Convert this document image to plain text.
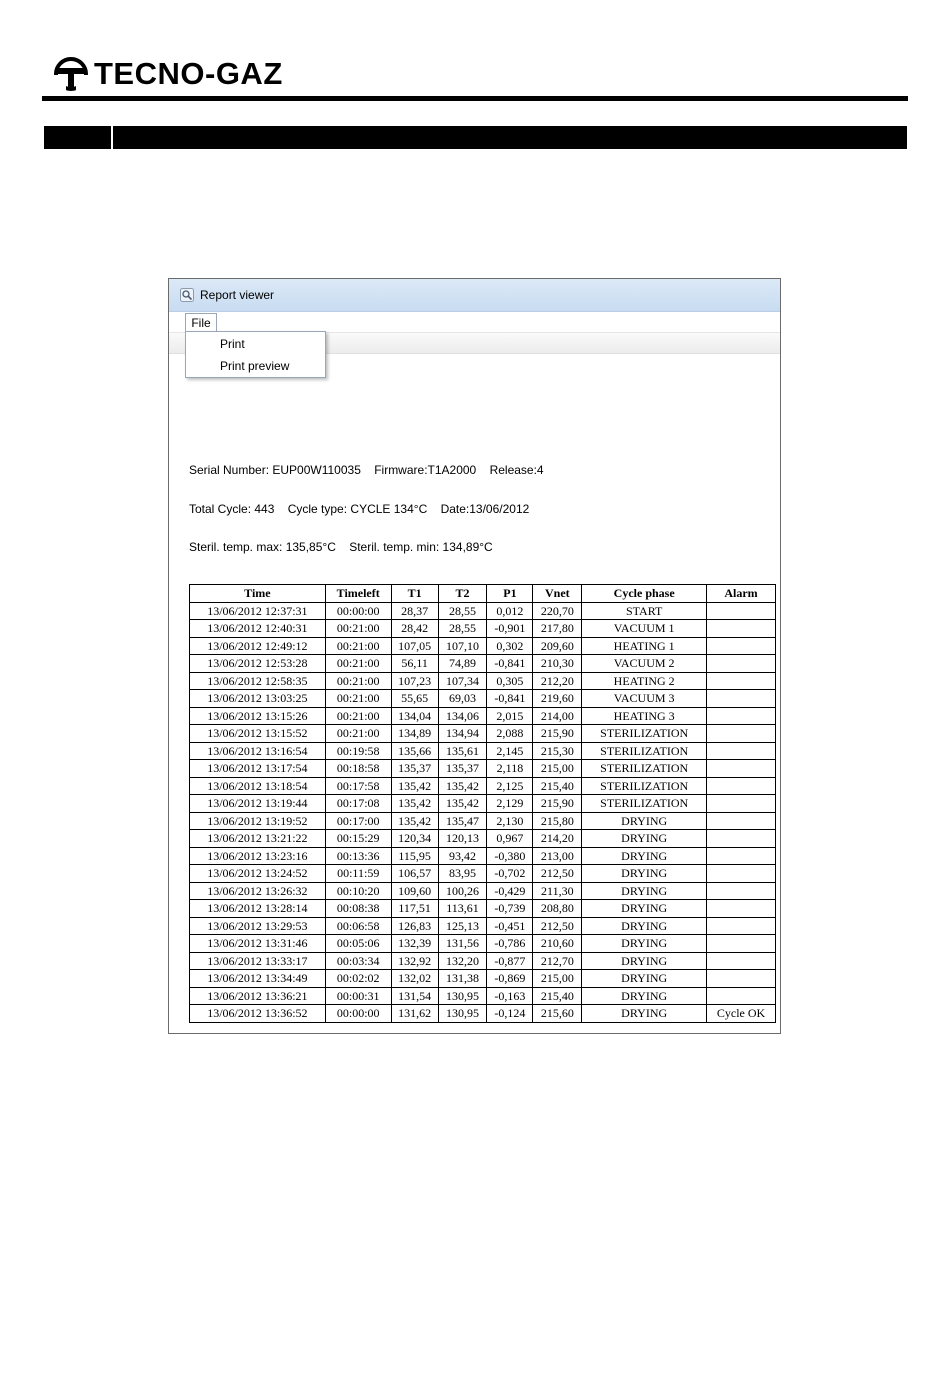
TECNO-GAZ
Report viewer
File
Print
Print preview
Serial Number: EUP00W110035    Firmware:T1A2000    Release:4
Total Cycle: 443    Cycle type: CYCLE 134°C    Date:13/06/2012
Steril. temp. max: 135,85°C    Steril. temp. min: 134,89°C
Time	Timeleft	T1	T2	P1	Vnet	Cycle phase	Alarm
13/06/2012 12:37:31	00:00:00	28,37	28,55	0,012	220,70	START	
13/06/2012 12:40:31	00:21:00	28,42	28,55	-0,901	217,80	VACUUM 1	
13/06/2012 12:49:12	00:21:00	107,05	107,10	0,302	209,60	HEATING 1	
13/06/2012 12:53:28	00:21:00	56,11	74,89	-0,841	210,30	VACUUM 2	
13/06/2012 12:58:35	00:21:00	107,23	107,34	0,305	212,20	HEATING 2	
13/06/2012 13:03:25	00:21:00	55,65	69,03	-0,841	219,60	VACUUM 3	
13/06/2012 13:15:26	00:21:00	134,04	134,06	2,015	214,00	HEATING 3	
13/06/2012 13:15:52	00:21:00	134,89	134,94	2,088	215,90	STERILIZATION	
13/06/2012 13:16:54	00:19:58	135,66	135,61	2,145	215,30	STERILIZATION	
13/06/2012 13:17:54	00:18:58	135,37	135,37	2,118	215,00	STERILIZATION	
13/06/2012 13:18:54	00:17:58	135,42	135,42	2,125	215,40	STERILIZATION	
13/06/2012 13:19:44	00:17:08	135,42	135,42	2,129	215,90	STERILIZATION	
13/06/2012 13:19:52	00:17:00	135,42	135,47	2,130	215,80	DRYING	
13/06/2012 13:21:22	00:15:29	120,34	120,13	0,967	214,20	DRYING	
13/06/2012 13:23:16	00:13:36	115,95	93,42	-0,380	213,00	DRYING	
13/06/2012 13:24:52	00:11:59	106,57	83,95	-0,702	212,50	DRYING	
13/06/2012 13:26:32	00:10:20	109,60	100,26	-0,429	211,30	DRYING	
13/06/2012 13:28:14	00:08:38	117,51	113,61	-0,739	208,80	DRYING	
13/06/2012 13:29:53	00:06:58	126,83	125,13	-0,451	212,50	DRYING	
13/06/2012 13:31:46	00:05:06	132,39	131,56	-0,786	210,60	DRYING	
13/06/2012 13:33:17	00:03:34	132,92	132,20	-0,877	212,70	DRYING	
13/06/2012 13:34:49	00:02:02	132,02	131,38	-0,869	215,00	DRYING	
13/06/2012 13:36:21	00:00:31	131,54	130,95	-0,163	215,40	DRYING	
13/06/2012 13:36:52	00:00:00	131,62	130,95	-0,124	215,60	DRYING	Cycle OK
